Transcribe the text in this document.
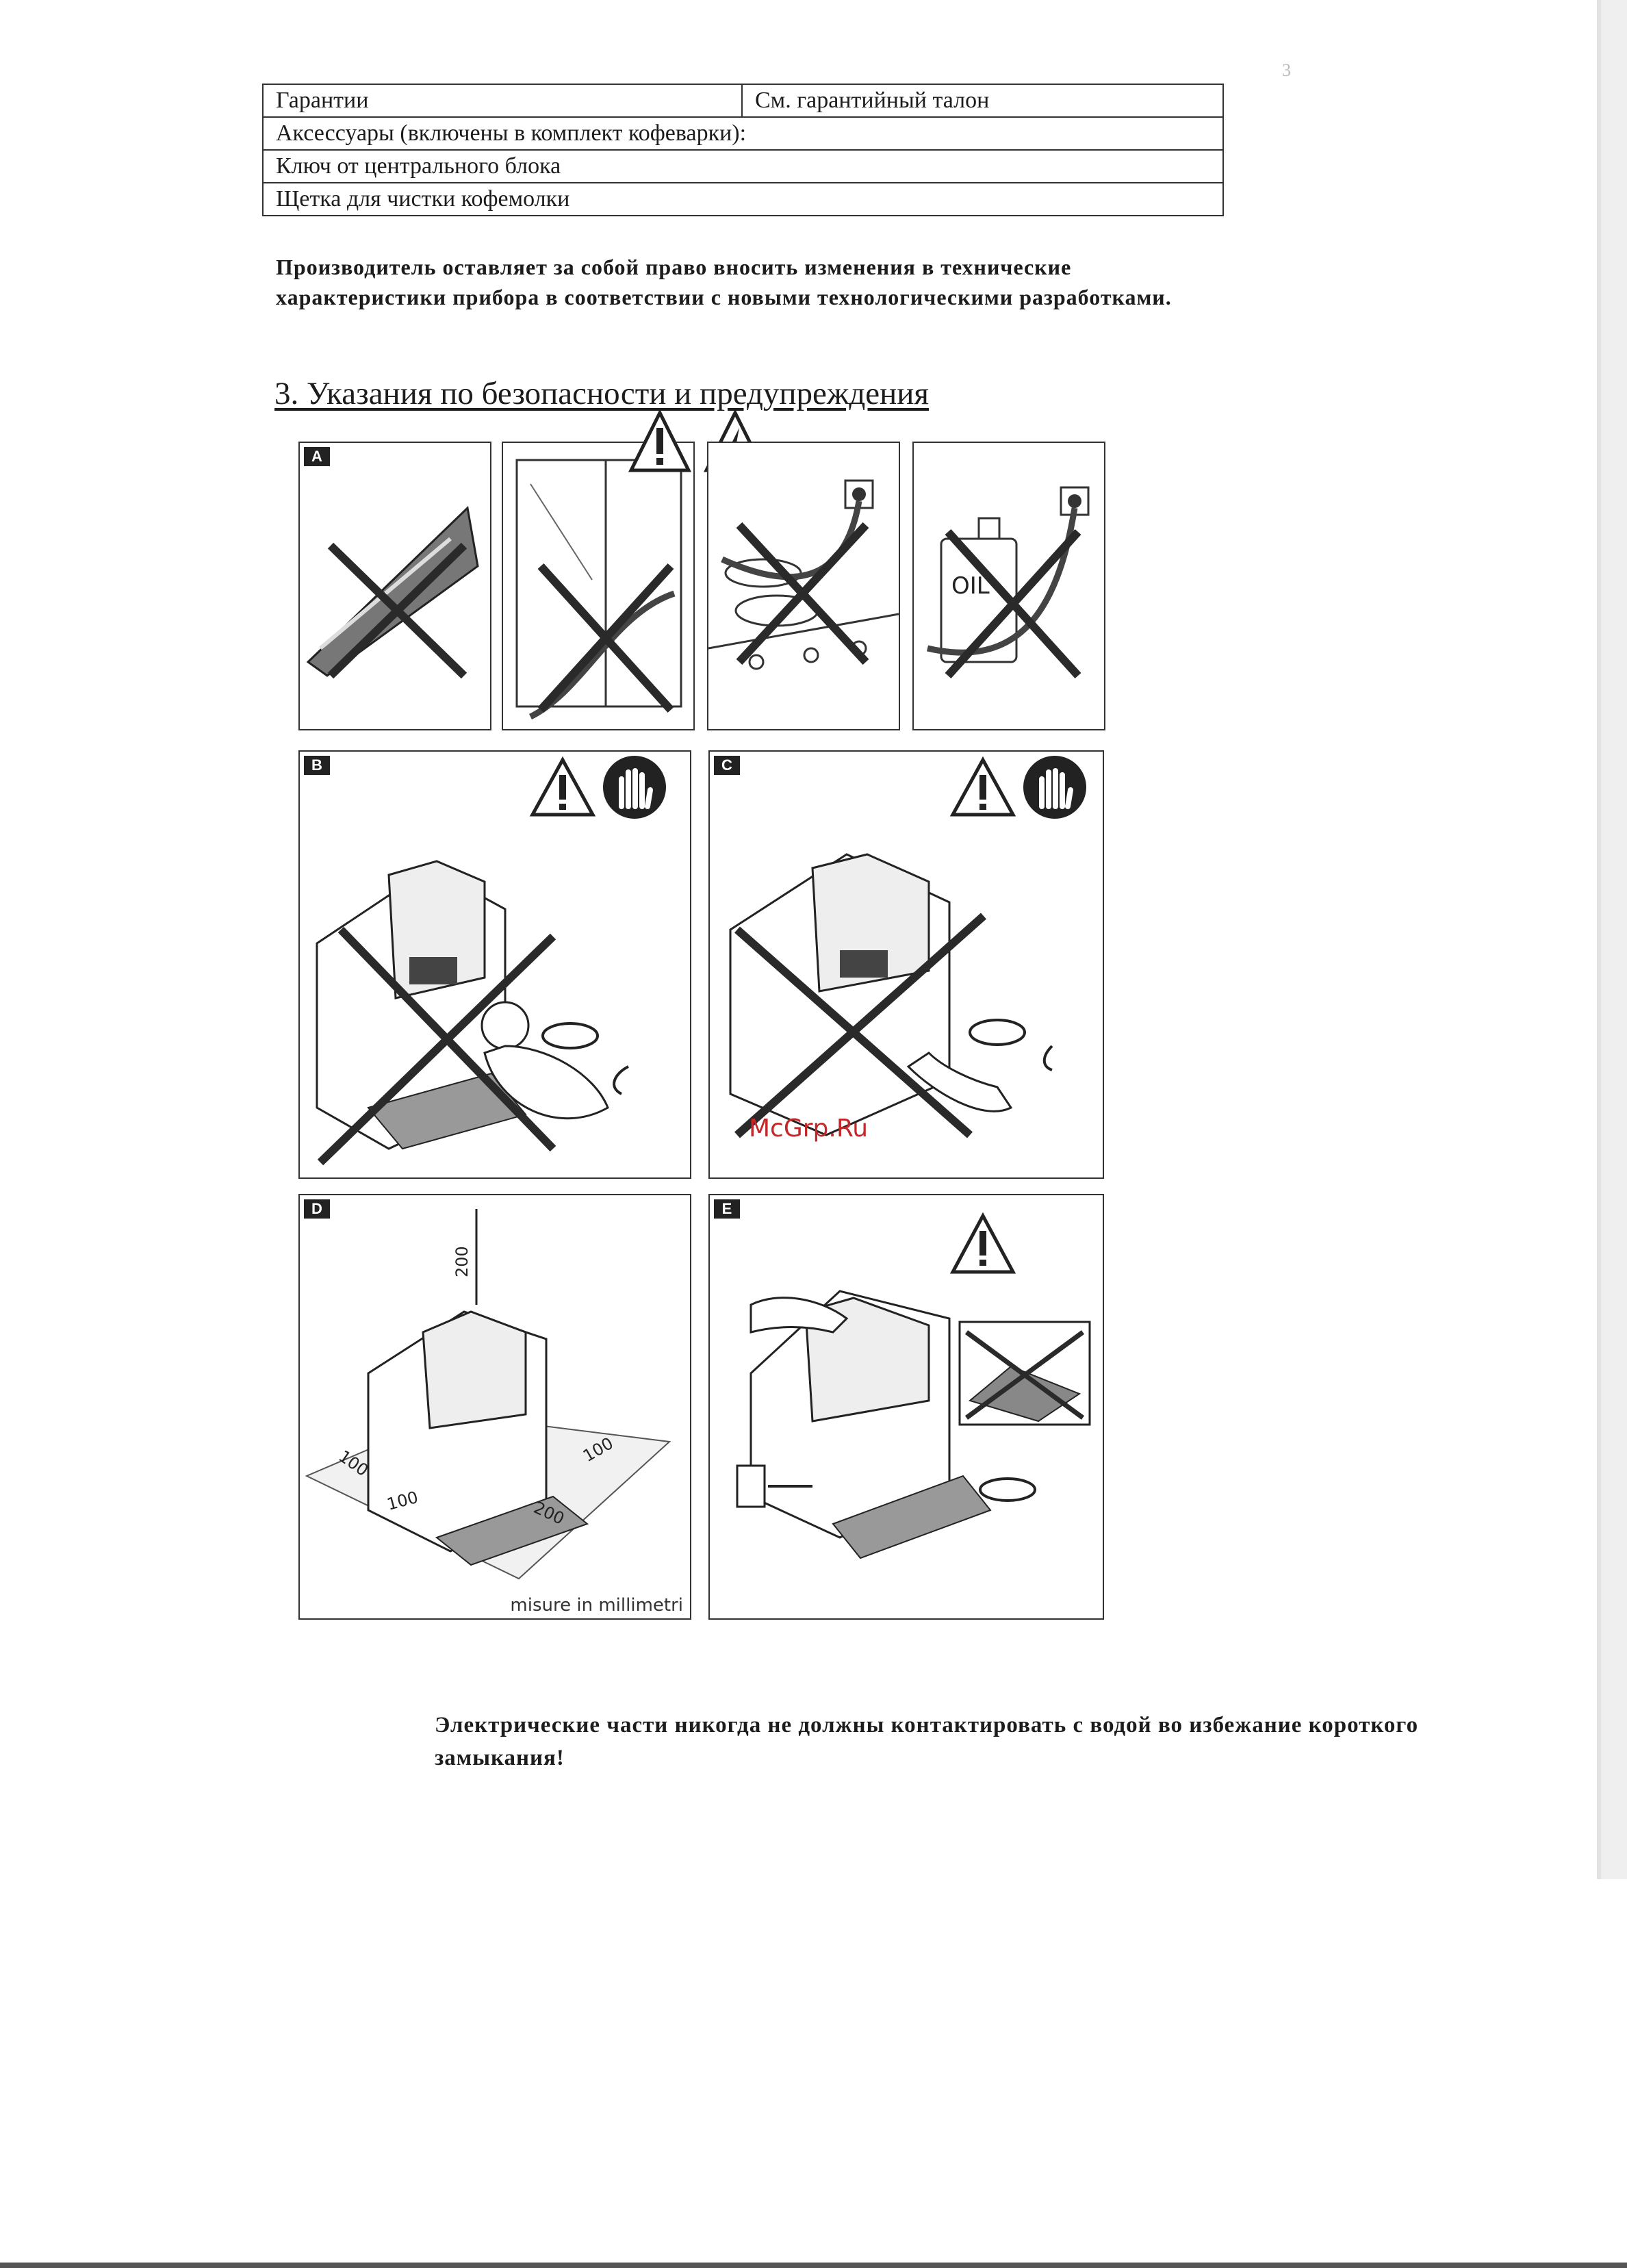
3
Гарантии	См. гарантийный талон
Аксессуары (включены в комплект кофеварки):
Ключ от центрального блока
Щетка для чистки кофемолки
Производитель оставляет за собой право вносить изменения в технические характеристики прибора в соответствии с новыми технологическими разработками.
3. Указания по безопасности и предупреждения
A
OIL
B	C
D
200
100	100
100	200
misure in millimetri
E
McGrp.Ru
Электрические части никогда не должны контактировать с водой во избежание короткого замыкания!
